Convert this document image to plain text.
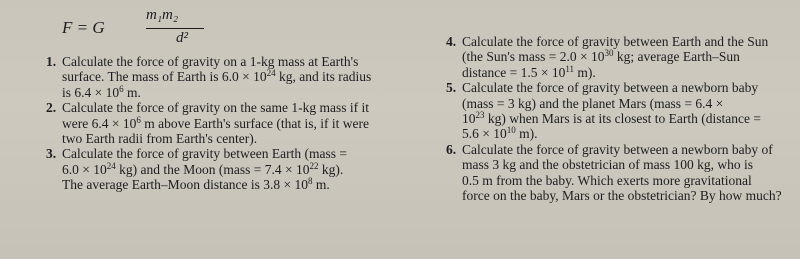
F = G
m₁m₂
d²
1. Calculate the force of gravity on a 1-kg mass at Earth's
surface. The mass of Earth is $6.0 \times 10^{24}$ kg, and its radius
is $6.4 \times 10^6$ m.
2. Calculate the force of gravity on the same 1-kg mass if it
were $6.4 \times 10^6$ m above Earth's surface (that is, if it were
two Earth radii from Earth's center).
3. Calculate the force of gravity between Earth (mass =
$6.0 \times 10^{24}$ kg) and the Moon (mass = $7.4 \times 10^{22}$ kg).
The average Earth–Moon distance is $3.8 \times 10^8$ m.
4. Calculate the force of gravity between Earth and the Sun
(the Sun's mass = $2.0 \times 10^{30}$ kg; average Earth–Sun
distance = $1.5 \times 10^{11}$ m).
5. Calculate the force of gravity between a newborn baby
(mass = 3 kg) and the planet Mars (mass = 6.4 ×
$10^{23}$ kg) when Mars is at its closest to Earth (distance =
$5.6 \times 10^{10}$ m).
6. Calculate the force of gravity between a newborn baby of
mass 3 kg and the obstetrician of mass 100 kg, who is
0.5 m from the baby. Which exerts more gravitational
force on the baby, Mars or the obstetrician? By how much?
